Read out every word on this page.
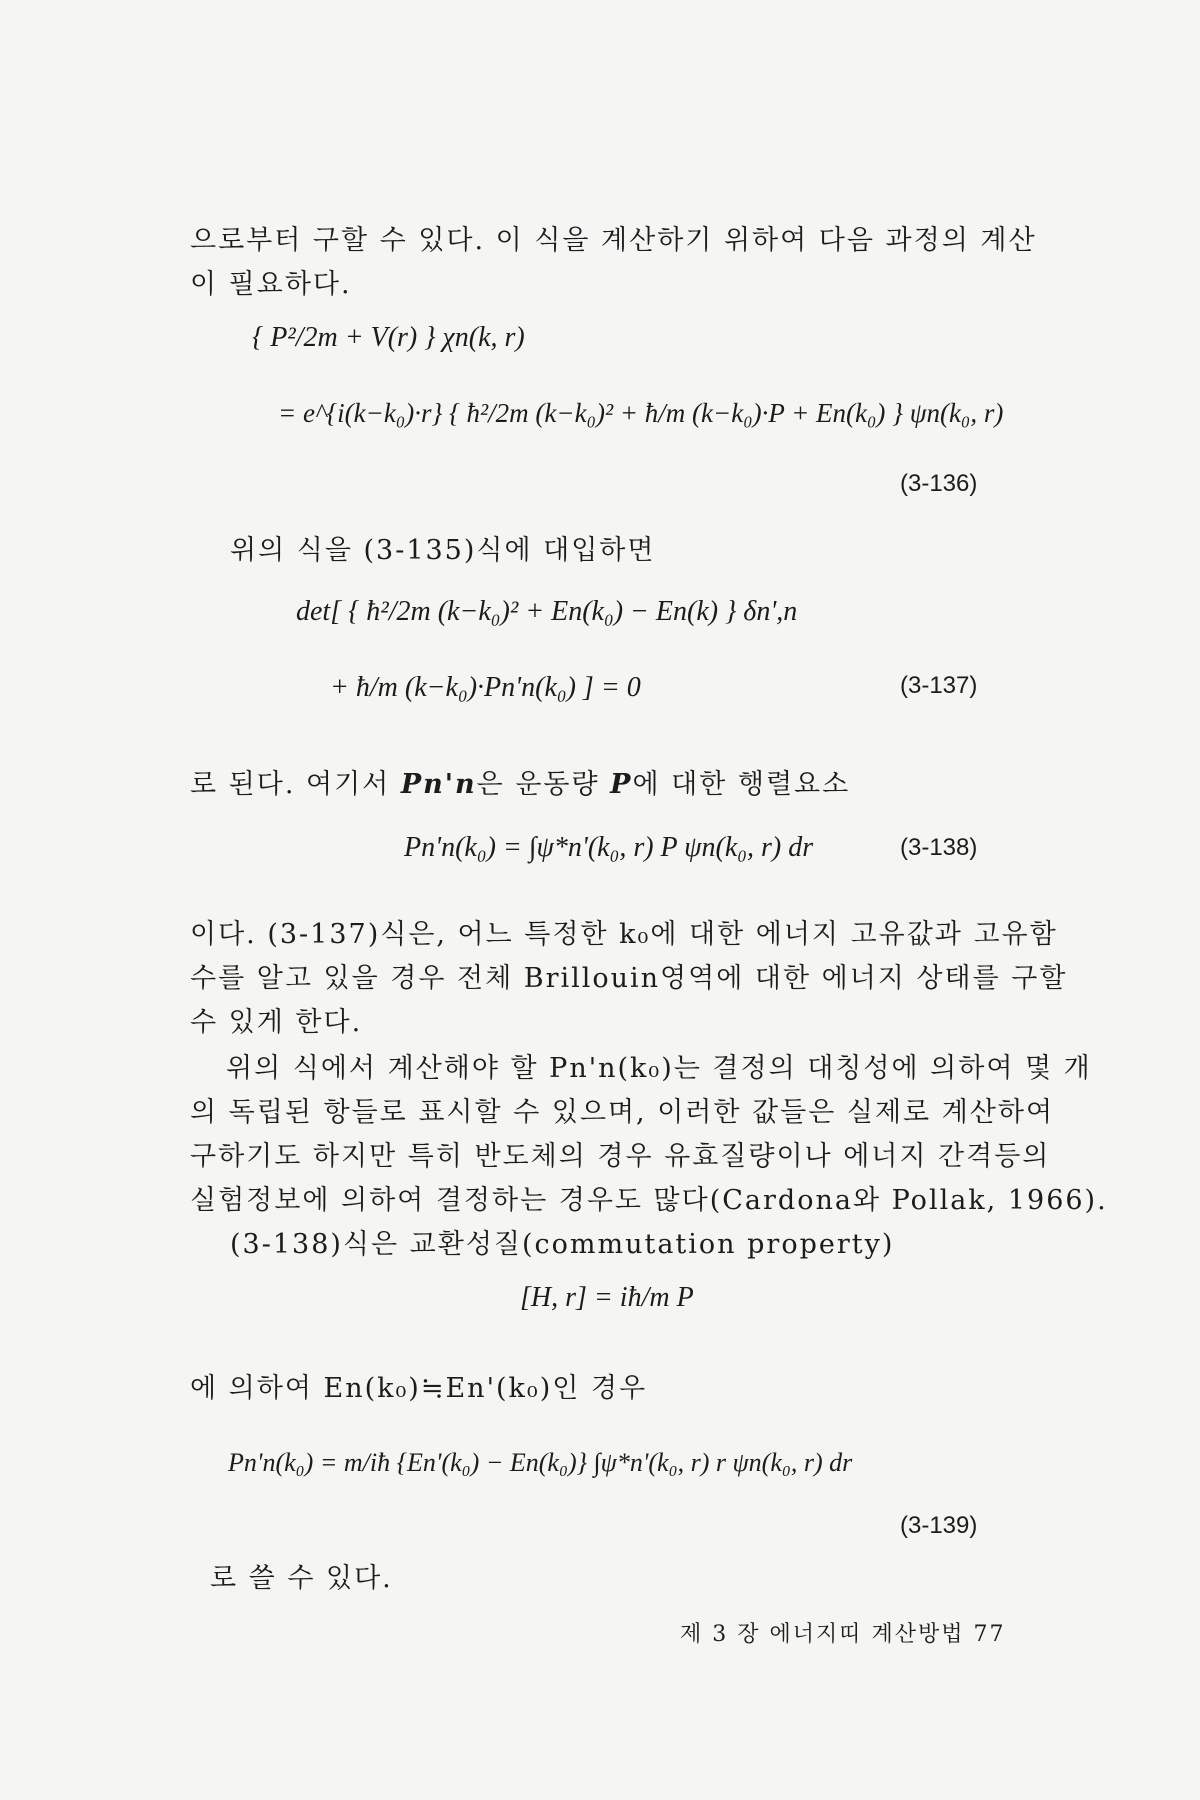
으로부터 구할 수 있다. 이 식을 계산하기 위하여 다음 과정의 계산
이 필요하다.
{ P²/2m + V(r) } χn(k, r)
= e^{i(k−k₀)·r} { ħ²/2m (k−k₀)² + ħ/m (k−k₀)·P + En(k₀) } ψn(k₀, r)
(3-136)
위의 식을 (3-135)식에 대입하면
det[ { ħ²/2m (k−k₀)² + En(k₀) − En(k) } δn',n
+ ħ/m (k−k₀)·Pn'n(k₀) ] = 0	(3-137)
로 된다. 여기서 Pn'n은 운동량 P에 대한 행렬요소
Pn'n(k₀) = ∫ψ*n'(k₀, r) P ψn(k₀, r) dr	(3-138)
이다. (3-137)식은, 어느 특정한 k₀에 대한 에너지 고유값과 고유함
수를 알고 있을 경우 전체 Brillouin영역에 대한 에너지 상태를 구할
수 있게 한다.
위의 식에서 계산해야 할 Pn'n(k₀)는 결정의 대칭성에 의하여 몇 개
의 독립된 항들로 표시할 수 있으며, 이러한 값들은 실제로 계산하여
구하기도 하지만 특히 반도체의 경우 유효질량이나 에너지 간격등의
실험정보에 의하여 결정하는 경우도 많다(Cardona와 Pollak, 1966).
(3-138)식은 교환성질(commutation property)
[H, r] = iħ/m P
에 의하여 En(k₀)≒En'(k₀)인 경우
Pn'n(k₀) = m/iħ {En'(k₀) − En(k₀)} ∫ψ*n'(k₀, r) r ψn(k₀, r) dr
(3-139)
로 쓸 수 있다.
제 3 장 에너지띠 계산방법 77
